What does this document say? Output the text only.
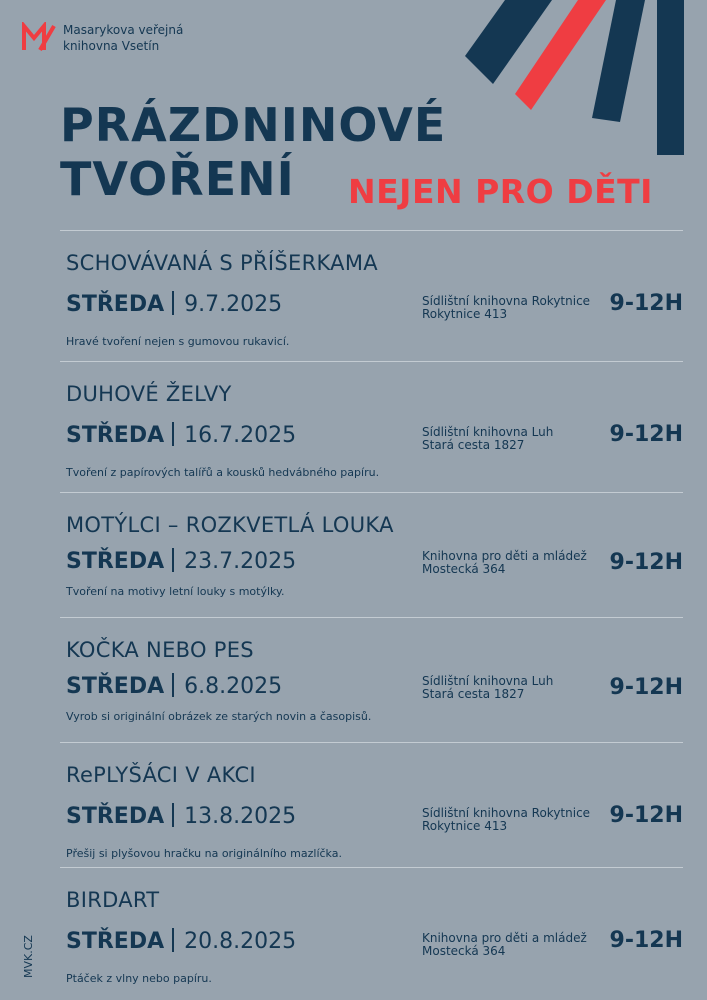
Masarykova veřejná
knihovna Vsetín
PRÁZDNINOVÉ
TVOŘENÍ	NEJEN PRO DĚTI
SCHOVÁVANÁ S PŘÍŠERKAMA
STŘEDA 9.7.2025	Sídlištní knihovna Rokytnice
Rokytnice 413	9-12H
Hravé tvoření nejen s gumovou rukavicí.
DUHOVÉ ŽELVY
STŘEDA 16.7.2025	Sídlištní knihovna Luh
Stará cesta 1827	9-12H
Tvoření z papírových talířů a kousků hedvábného papíru.
MOTÝLCI – ROZKVETLÁ LOUKA
STŘEDA 23.7.2025	Knihovna pro děti a mládež
Mostecká 364	9-12H
Tvoření na motivy letní louky s motýlky.
KOČKA NEBO PES
STŘEDA 6.8.2025	Sídlištní knihovna Luh
Stará cesta 1827	9-12H
Vyrob si originální obrázek ze starých novin a časopisů.
RePLYŠÁCI V AKCI
STŘEDA 13.8.2025	Sídlištní knihovna Rokytnice
Rokytnice 413	9-12H
Přešij si plyšovou hračku na originálního mazlíčka.
BIRDART
STŘEDA 20.8.2025	Knihovna pro děti a mládež
Mostecká 364	9-12H
Ptáček z vlny nebo papíru.
MVK.CZ
